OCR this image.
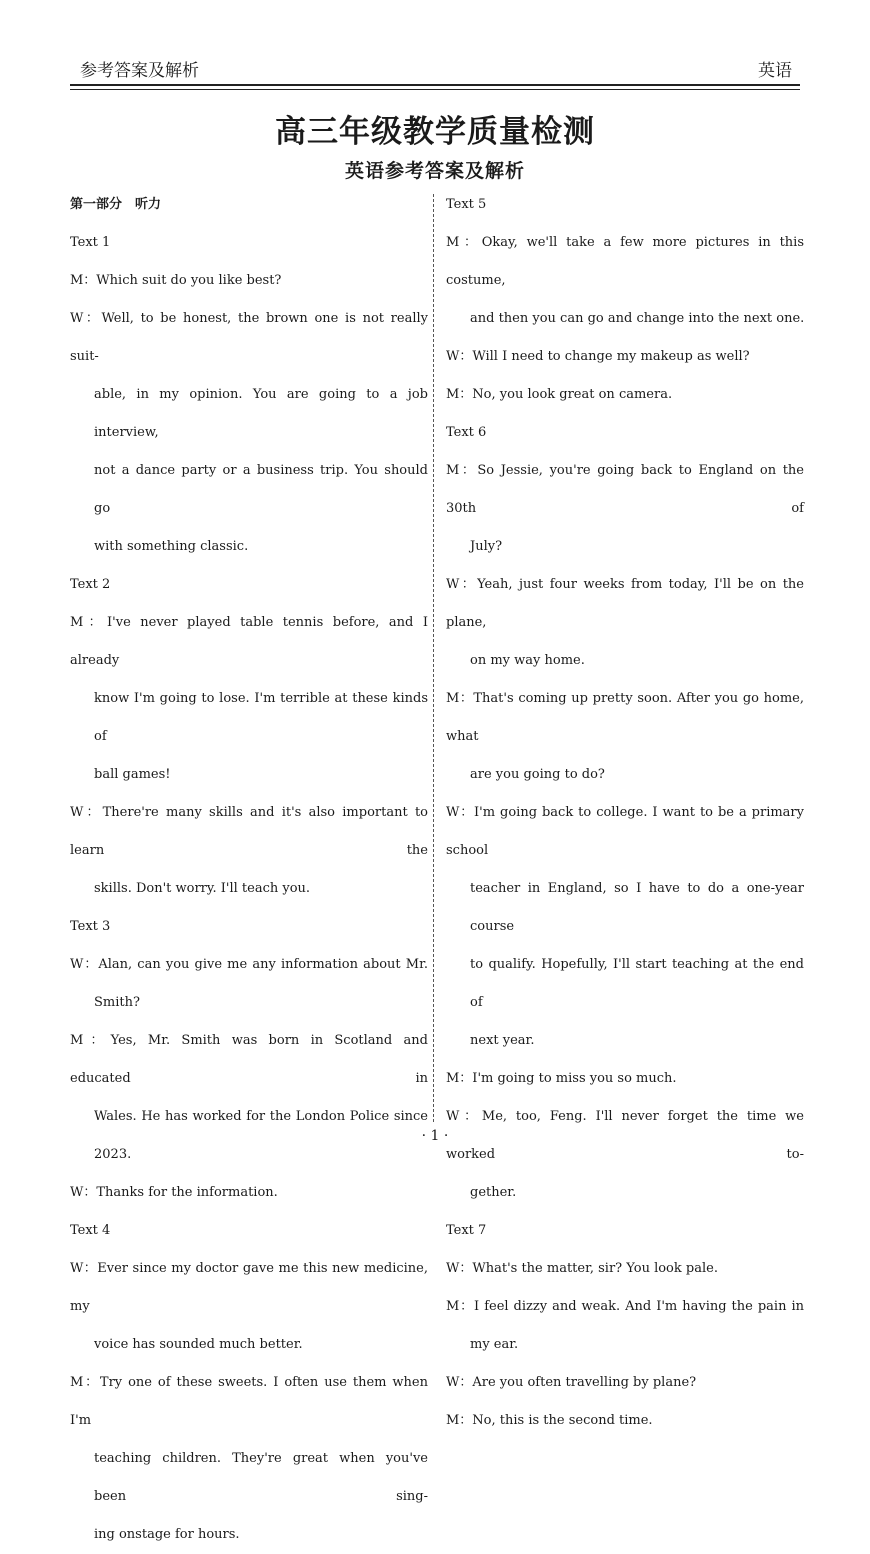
参考答案及解析	英语
高三年级教学质量检测
英语参考答案及解析
第一部分　听力
Text 1
M：Which suit do you like best?
W：Well, to be honest, the brown one is not really suit-
able, in my opinion. You are going to a job interview,
not a dance party or a business trip. You should go
with something classic.
Text 2
M：I've never played table tennis before, and I already
know I'm going to lose. I'm terrible at these kinds of
ball games!
W：There're many skills and it's also important to learn the
skills. Don't worry. I'll teach you.
Text 3
W：Alan, can you give me any information about Mr.
Smith?
M：Yes, Mr. Smith was born in Scotland and educated in
Wales. He has worked for the London Police since 2023.
W：Thanks for the information.
Text 4
W：Ever since my doctor gave me this new medicine, my
voice has sounded much better.
M：Try one of these sweets. I often use them when I'm
teaching children. They're great when you've been sing-
ing onstage for hours.
Text 5
M：Okay, we'll take a few more pictures in this costume,
and then you can go and change into the next one.
W：Will I need to change my makeup as well?
M：No, you look great on camera.
Text 6
M：So Jessie, you're going back to England on the 30th of
July?
W：Yeah, just four weeks from today, I'll be on the plane,
on my way home.
M：That's coming up pretty soon. After you go home, what
are you going to do?
W：I'm going back to college. I want to be a primary school
teacher in England, so I have to do a one-year course
to qualify. Hopefully, I'll start teaching at the end of
next year.
M：I'm going to miss you so much.
W：Me, too, Feng. I'll never forget the time we worked to-
gether.
Text 7
W：What's the matter, sir? You look pale.
M：I feel dizzy and weak. And I'm having the pain in
my ear.
W：Are you often travelling by plane?
M：No, this is the second time.
· 1 ·
